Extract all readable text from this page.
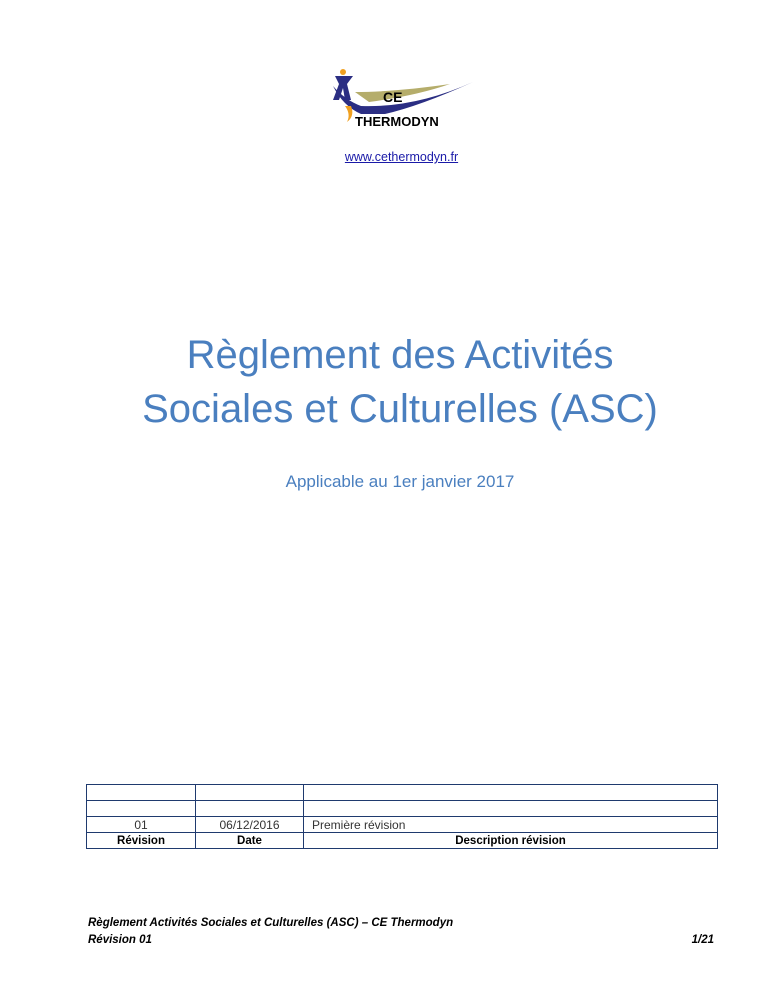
CE
THERMODYN
www.cethermodyn.fr
Règlement des Activités
Sociales et Culturelles (ASC)
Applicable au 1er janvier 2017

01	06/12/2016	Première révision
Révision	Date	Description révision
Règlement Activités Sociales et Culturelles (ASC) – CE Thermodyn
Révision 01	1/21
